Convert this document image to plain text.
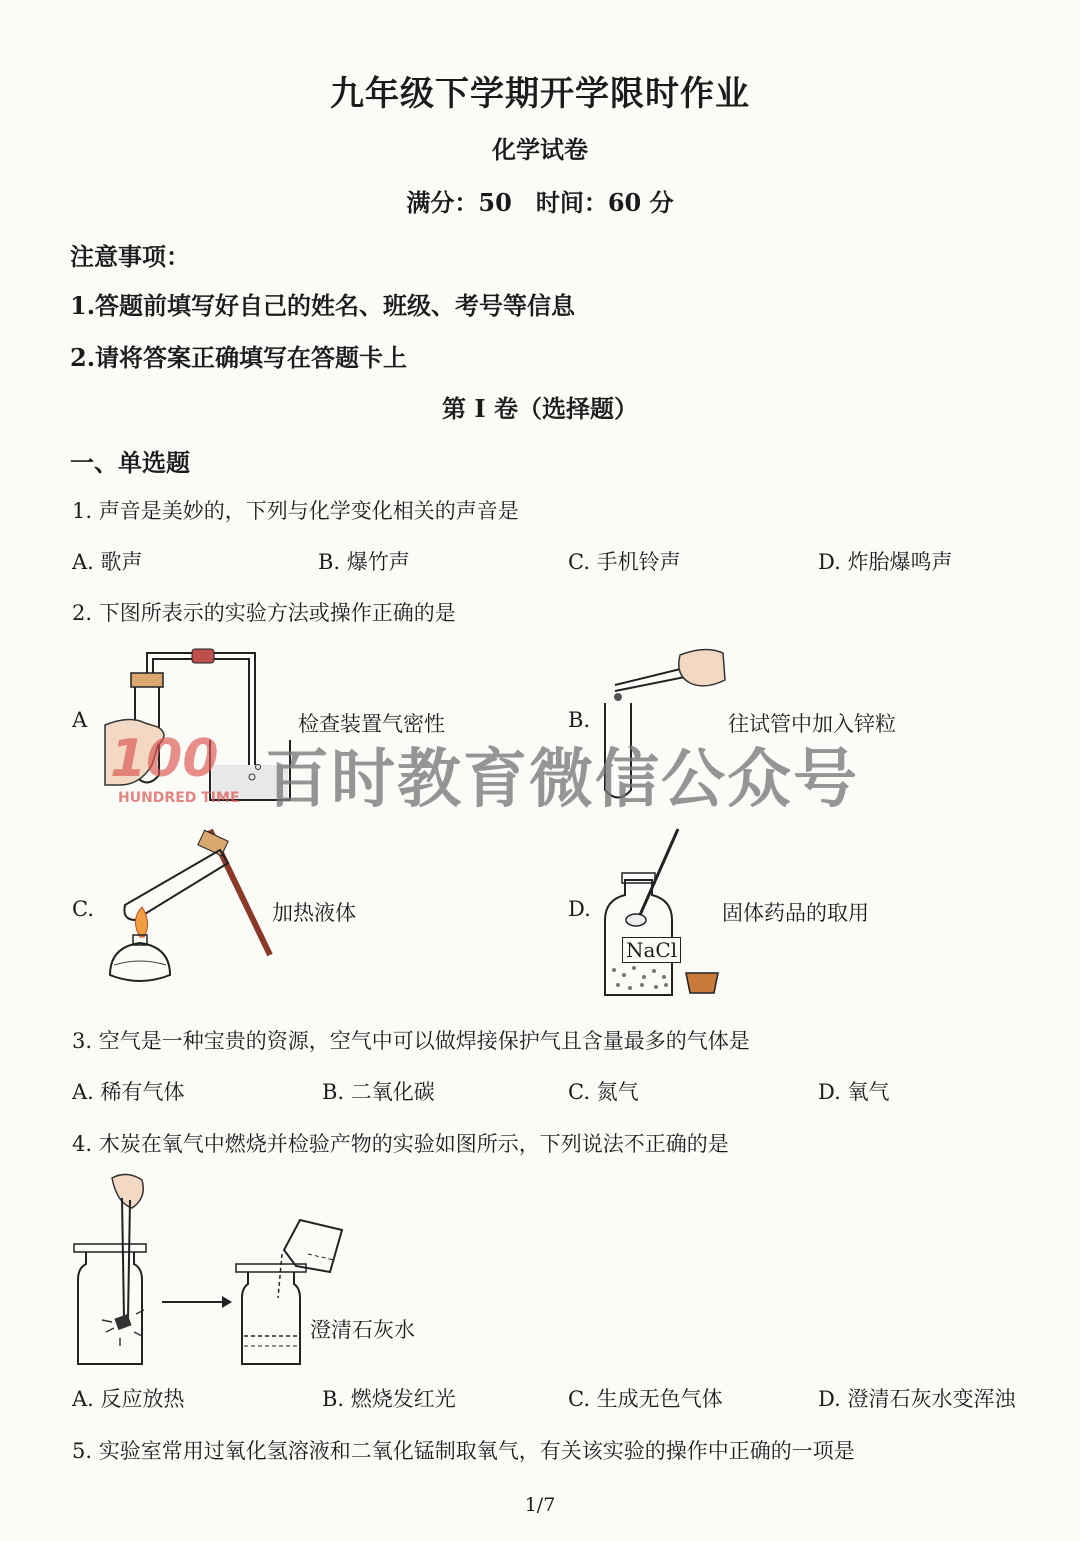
九年级下学期开学限时作业
化学试卷
满分：50　时间：60 分
注意事项：
1.答题前填写好自己的姓名、班级、考号等信息
2.请将答案正确填写在答题卡上
第 I 卷（选择题）
一、单选题
1. 声音是美妙的，下列与化学变化相关的声音是
A. 歌声	B. 爆竹声	C. 手机铃声	D. 炸胎爆鸣声
2. 下图所表示的实验方法或操作正确的是
A	检查装置气密性	B.	往试管中加入锌粒
100
HUNDRED TIME 百时教育微信公众号
C.	加热液体	D.
NaCl
固体药品的取用
3. 空气是一种宝贵的资源，空气中可以做焊接保护气且含量最多的气体是
A. 稀有气体	B. 二氧化碳	C. 氮气	D. 氧气
4. 木炭在氧气中燃烧并检验产物的实验如图所示，下列说法不正确的是
澄清石灰水
A. 反应放热	B. 燃烧发红光	C. 生成无色气体	D. 澄清石灰水变浑浊
5. 实验室常用过氧化氢溶液和二氧化锰制取氧气，有关该实验的操作中正确的一项是
1/7
